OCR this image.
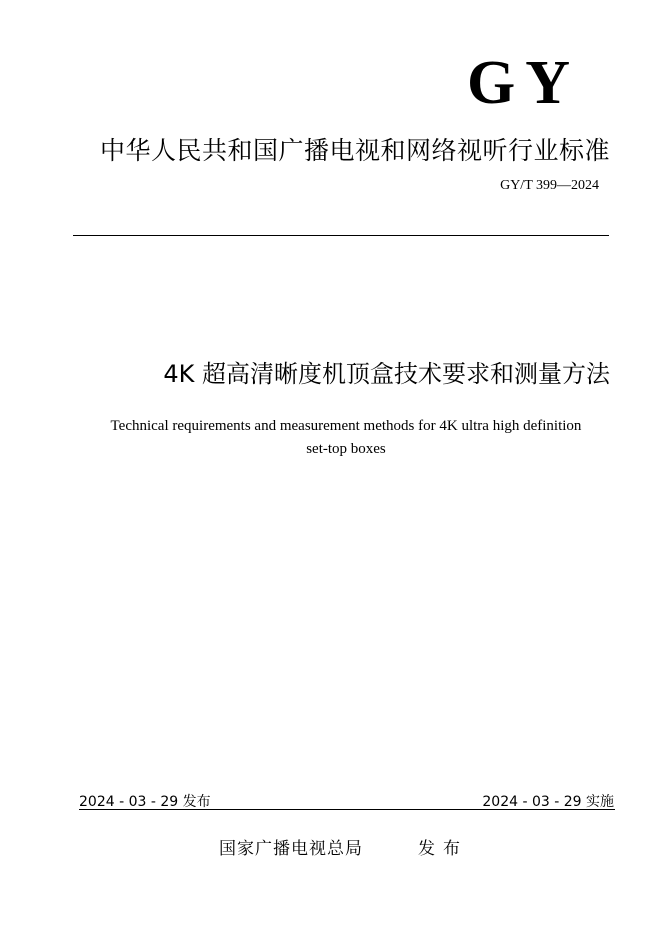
GY
中华人民共和国广播电视和网络视听行业标准
GY/T 399—2024
4K 超高清晰度机顶盒技术要求和测量方法
Technical requirements and measurement methods for 4K ultra high definition
set-top boxes
2024 - 03 - 29 发布	2024 - 03 - 29 实施
国家广播电视总局	发布
